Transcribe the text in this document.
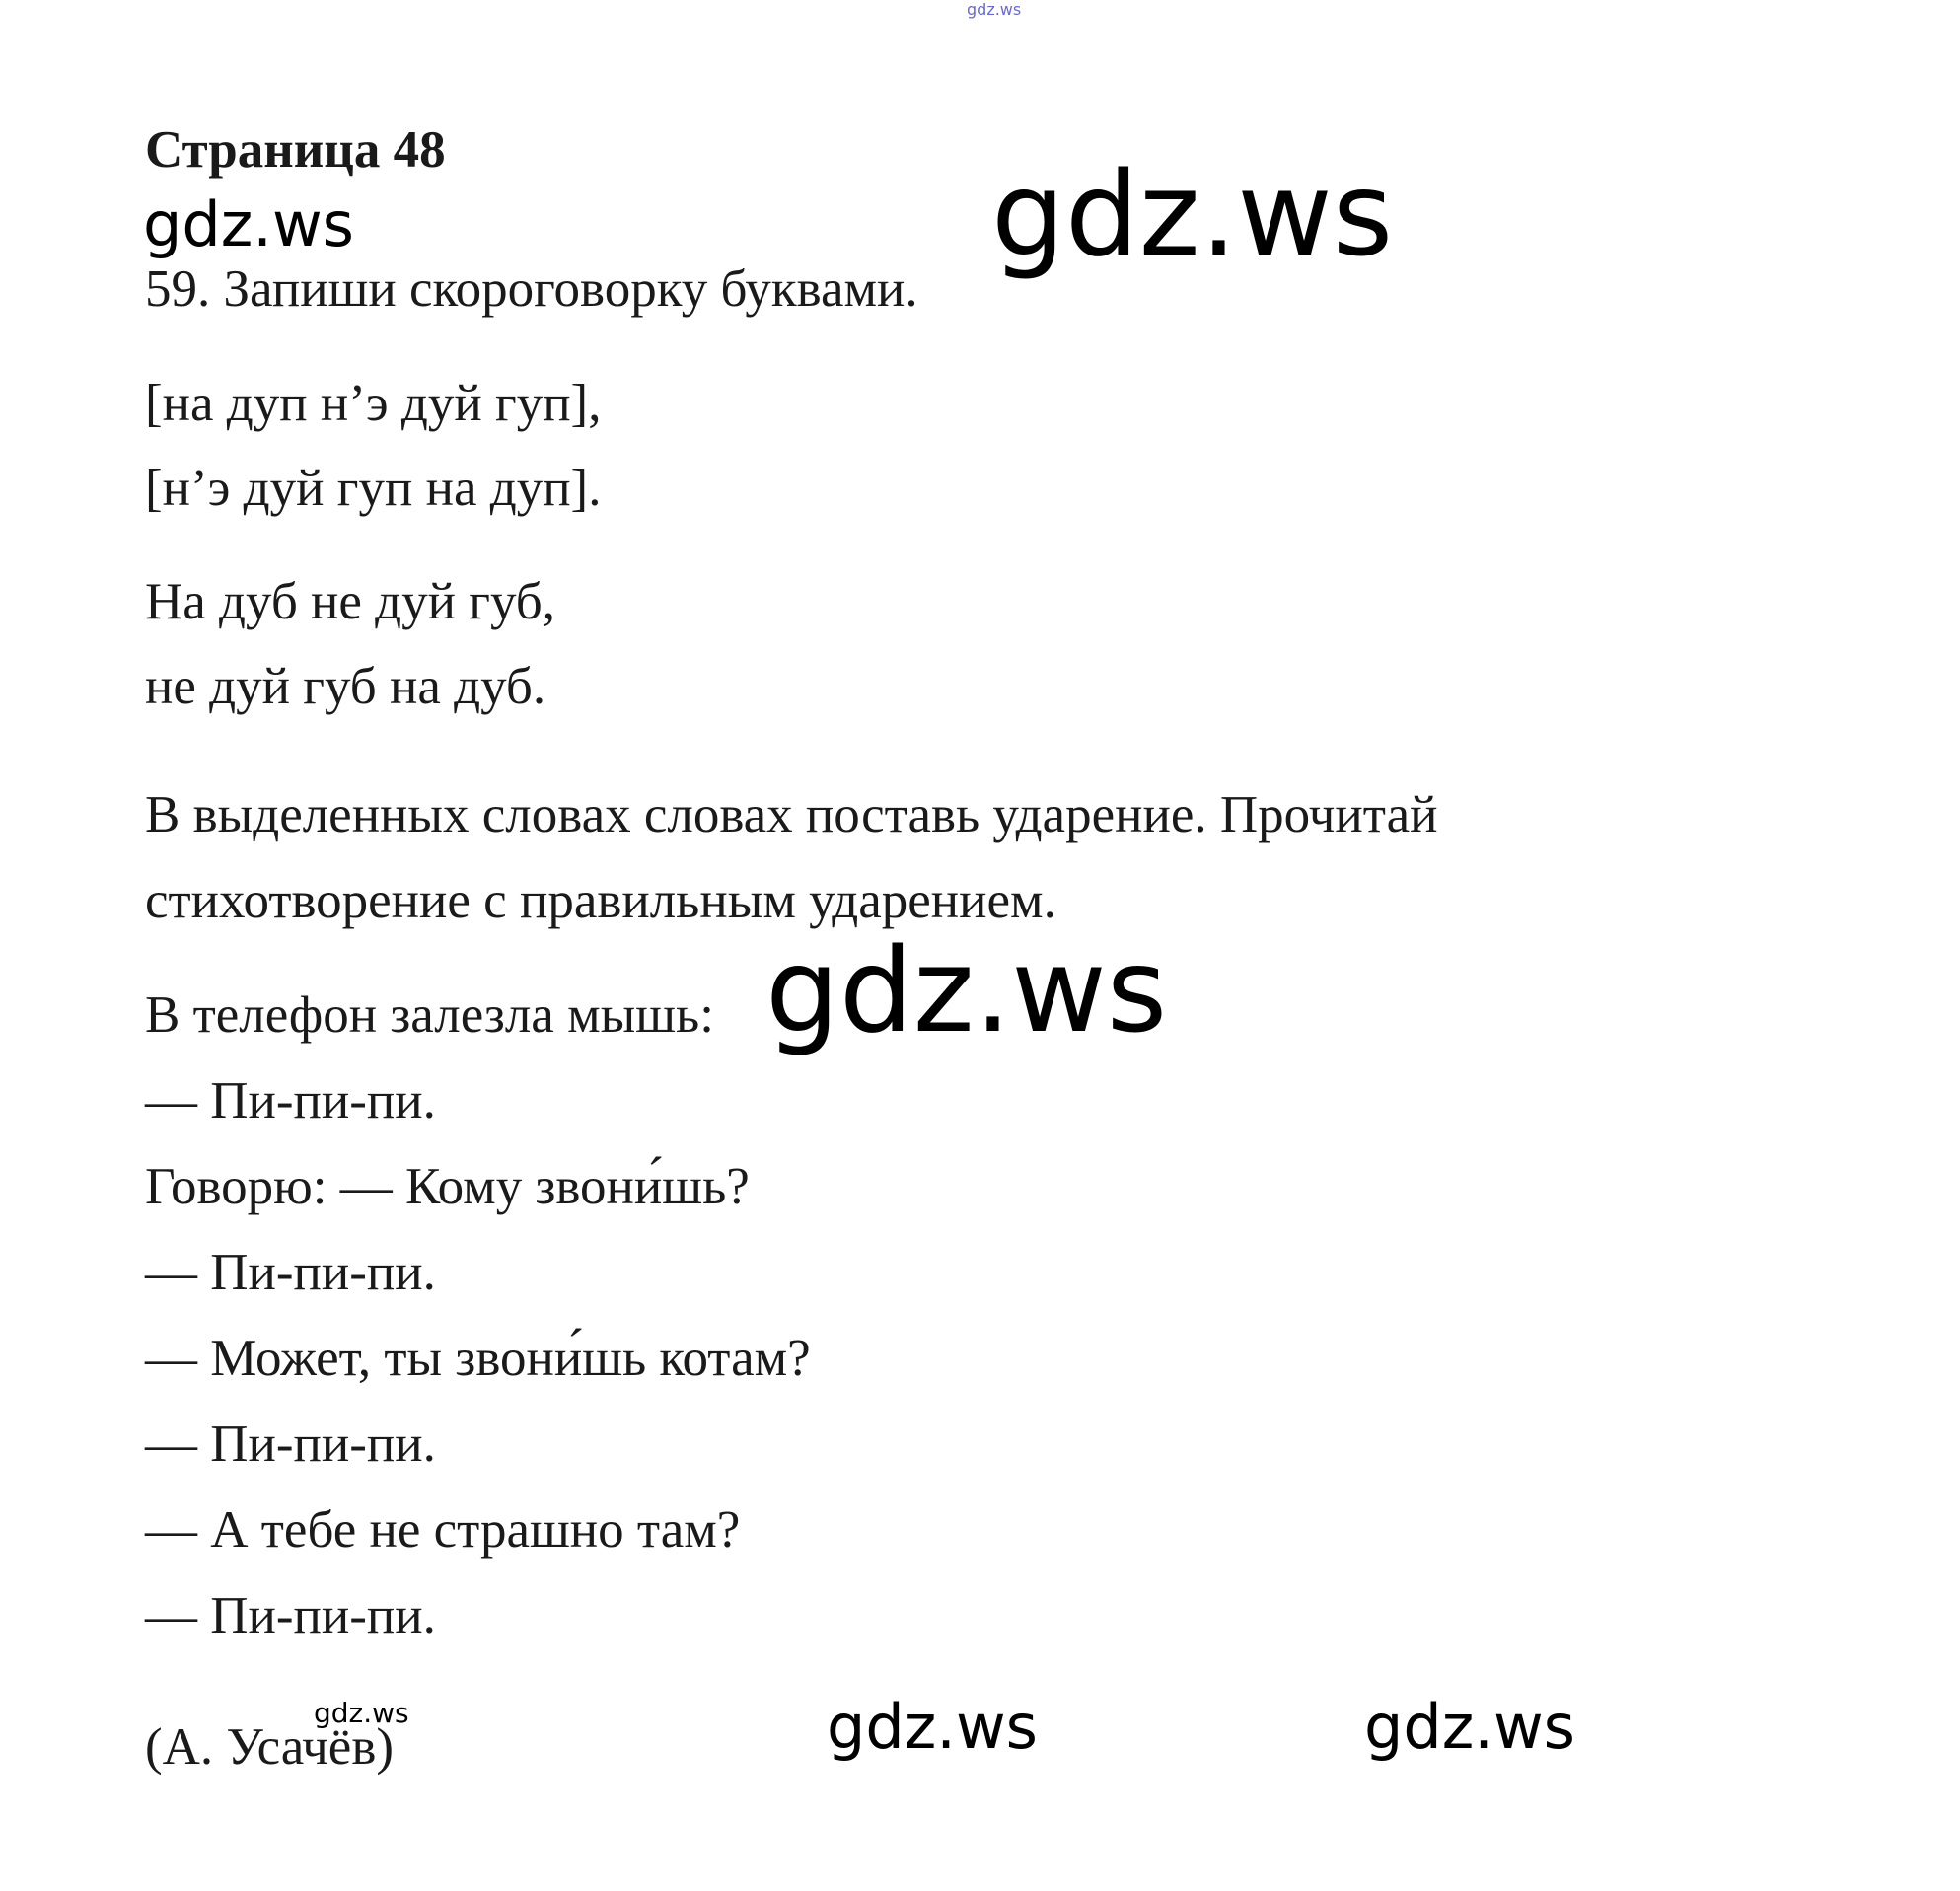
gdz.ws
gdz.ws
Страница 48
59. Запиши скороговорку буквами.
[на дуп н’э дуй гуп],
[н’э дуй гуп на дуп].
На дуб не дуй губ,
не дуй губ на дуб.
В выделенных словах словах поставь ударение. Прочитай
стихотворение с правильным ударением.
В телефон залезла мышь:
— Пи-пи-пи.
Говорю: — Кому звони́шь?
— Пи-пи-пи.
— Может, ты звони́шь котам?
— Пи-пи-пи.
— А тебе не страшно там?
— Пи-пи-пи.
(А. Усачёв)
gdz.ws
gdz.ws
gdz.ws	gdz.ws	gdz.ws
